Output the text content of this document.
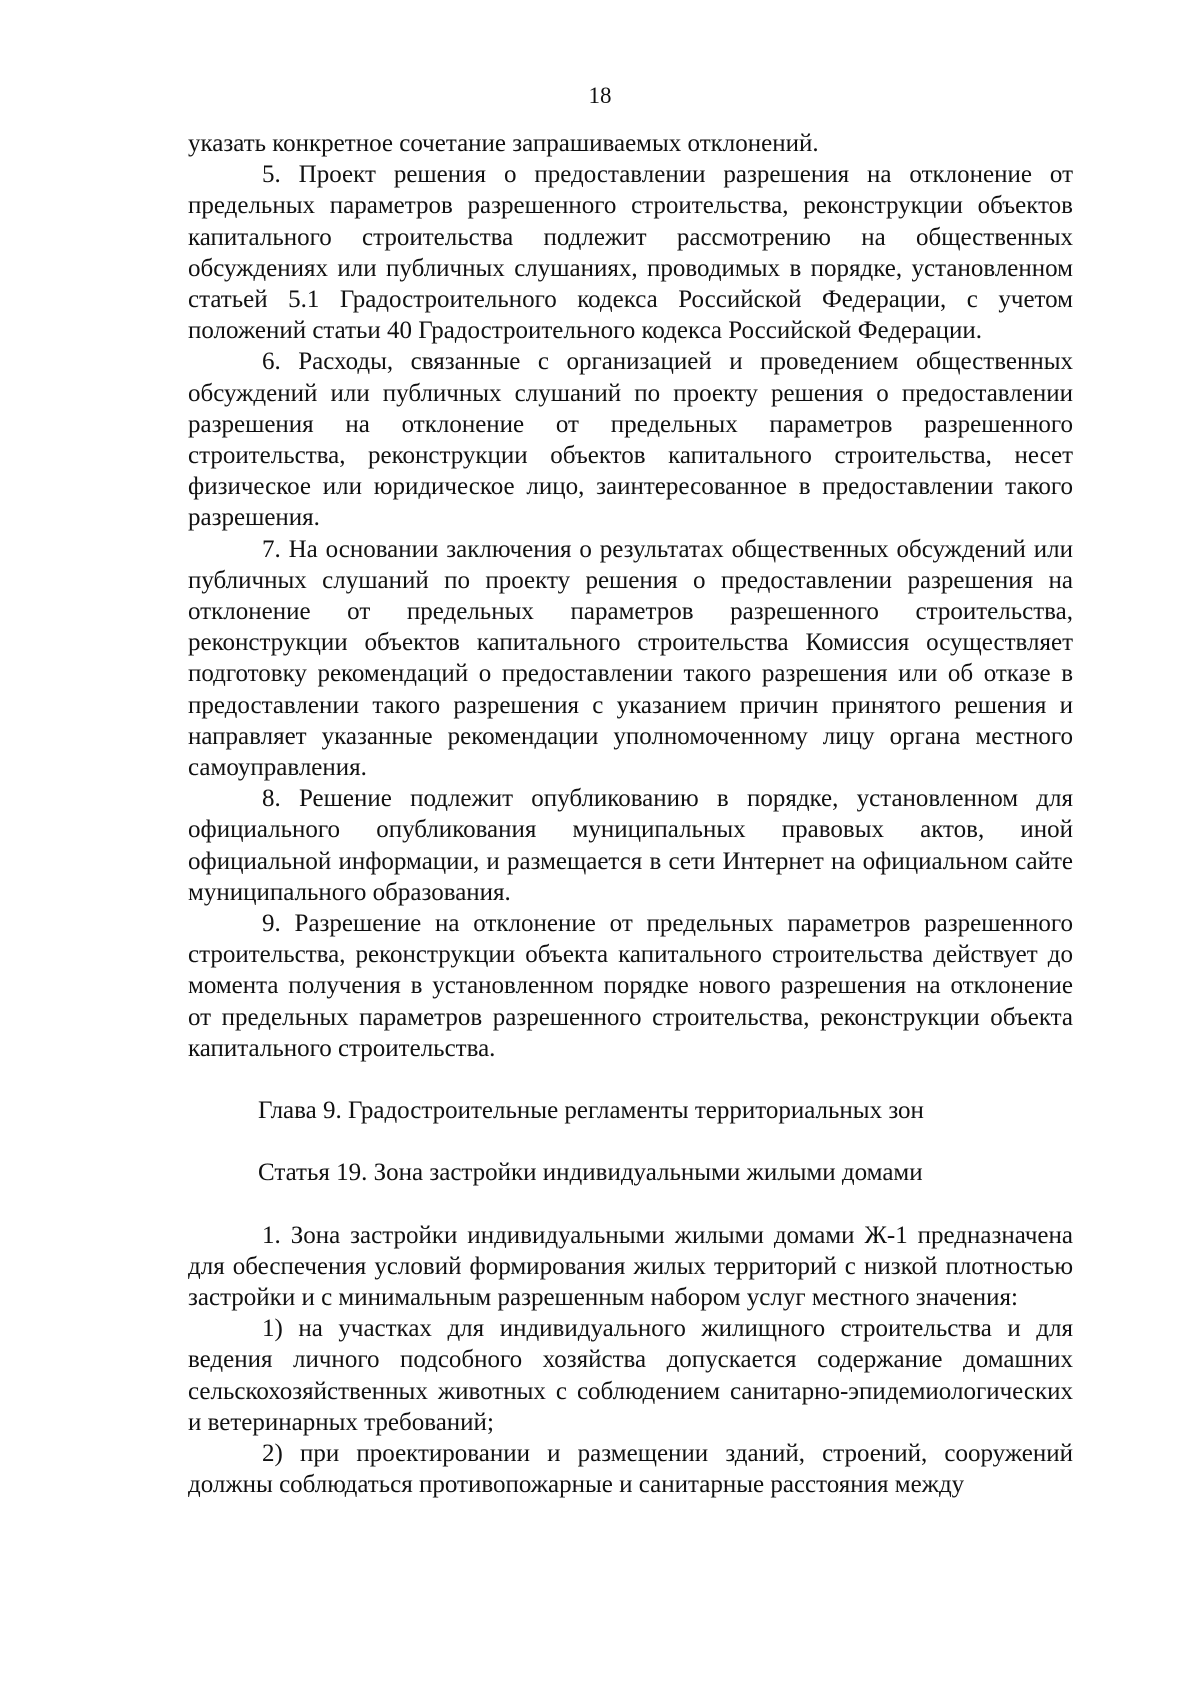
18

указать конкретное сочетание запрашиваемых отклонений.

5. Проект решения о предоставлении разрешения на отклонение от предельных параметров разрешенного строительства, реконструкции объектов капитального строительства подлежит рассмотрению на общественных обсуждениях или публичных слушаниях, проводимых в порядке, установленном статьей 5.1 Градостроительного кодекса Российской Федерации, с учетом положений статьи 40 Градостроительного кодекса Российской Федерации.

6. Расходы, связанные с организацией и проведением общественных обсуждений или публичных слушаний по проекту решения о предоставлении разрешения на отклонение от предельных параметров разрешенного строительства, реконструкции объектов капитального строительства, несет физическое или юридическое лицо, заинтересованное в предоставлении такого разрешения.

7. На основании заключения о результатах общественных обсуждений или публичных слушаний по проекту решения о предоставлении разрешения на отклонение от предельных параметров разрешенного строительства, реконструкции объектов капитального строительства Комиссия осуществляет подготовку рекомендаций о предоставлении такого разрешения или об отказе в предоставлении такого разрешения с указанием причин принятого решения и направляет указанные рекомендации уполномоченному лицу органа местного самоуправления.

8. Решение подлежит опубликованию в порядке, установленном для официального опубликования муниципальных правовых актов, иной официальной информации, и размещается в сети Интернет на официальном сайте муниципального образования.

9. Разрешение на отклонение от предельных параметров разрешенного строительства, реконструкции объекта капитального строительства действует до момента получения в установленном порядке нового разрешения на отклонение от предельных параметров разрешенного строительства, реконструкции объекта капитального строительства.

Глава 9. Градостроительные регламенты территориальных зон

Статья 19. Зона застройки индивидуальными жилыми домами

1. Зона застройки индивидуальными жилыми домами Ж-1 предназначена для обеспечения условий формирования жилых территорий с низкой плотностью застройки и с минимальным разрешенным набором услуг местного значения:

1) на участках для индивидуального жилищного строительства и для ведения личного подсобного хозяйства допускается содержание домашних сельскохозяйственных животных с соблюдением санитарно-эпидемиологических и ветеринарных требований;

2) при проектировании и размещении зданий, строений, сооружений должны соблюдаться противопожарные и санитарные расстояния между
